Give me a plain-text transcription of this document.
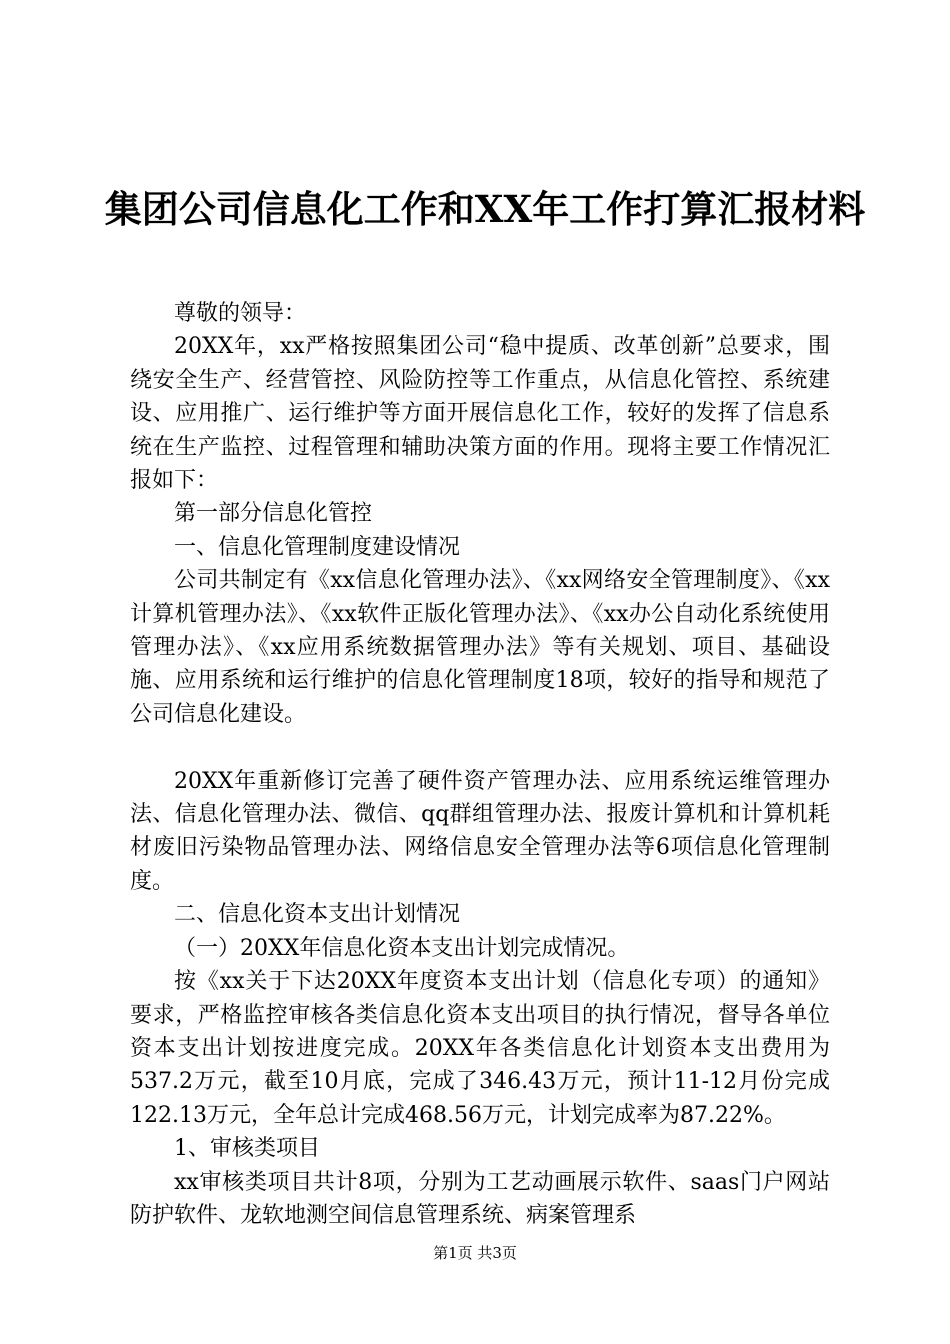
集团公司信息化工作和XX年工作打算汇报材料

尊敬的领导：

20XX年，xx严格按照集团公司“稳中提质、改革创新”总要求，围绕安全生产、经营管控、风险防控等工作重点，从信息化管控、系统建设、应用推广、运行维护等方面开展信息化工作，较好的发挥了信息系统在生产监控、过程管理和辅助决策方面的作用。现将主要工作情况汇报如下：

第一部分信息化管控

一、信息化管理制度建设情况

公司共制定有《xx信息化管理办法》、《xx网络安全管理制度》、《xx计算机管理办法》、《xx软件正版化管理办法》、《xx办公自动化系统使用管理办法》、《xx应用系统数据管理办法》等有关规划、项目、基础设施、应用系统和运行维护的信息化管理制度18项，较好的指导和规范了公司信息化建设。

20XX年重新修订完善了硬件资产管理办法、应用系统运维管理办法、信息化管理办法、微信、qq群组管理办法、报废计算机和计算机耗材废旧污染物品管理办法、网络信息安全管理办法等6项信息化管理制度。

二、信息化资本支出计划情况

（一）20XX年信息化资本支出计划完成情况。

按《xx关于下达20XX年度资本支出计划（信息化专项）的通知》要求，严格监控审核各类信息化资本支出项目的执行情况，督导各单位资本支出计划按进度完成。20XX年各类信息化计划资本支出费用为537.2万元，截至10月底，完成了346.43万元，预计11-12月份完成122.13万元，全年总计完成468.56万元，计划完成率为87.22%。

1、审核类项目

xx审核类项目共计8项，分别为工艺动画展示软件、saas门户网站防护软件、龙软地测空间信息管理系统、病案管理系

第1页 共3页
